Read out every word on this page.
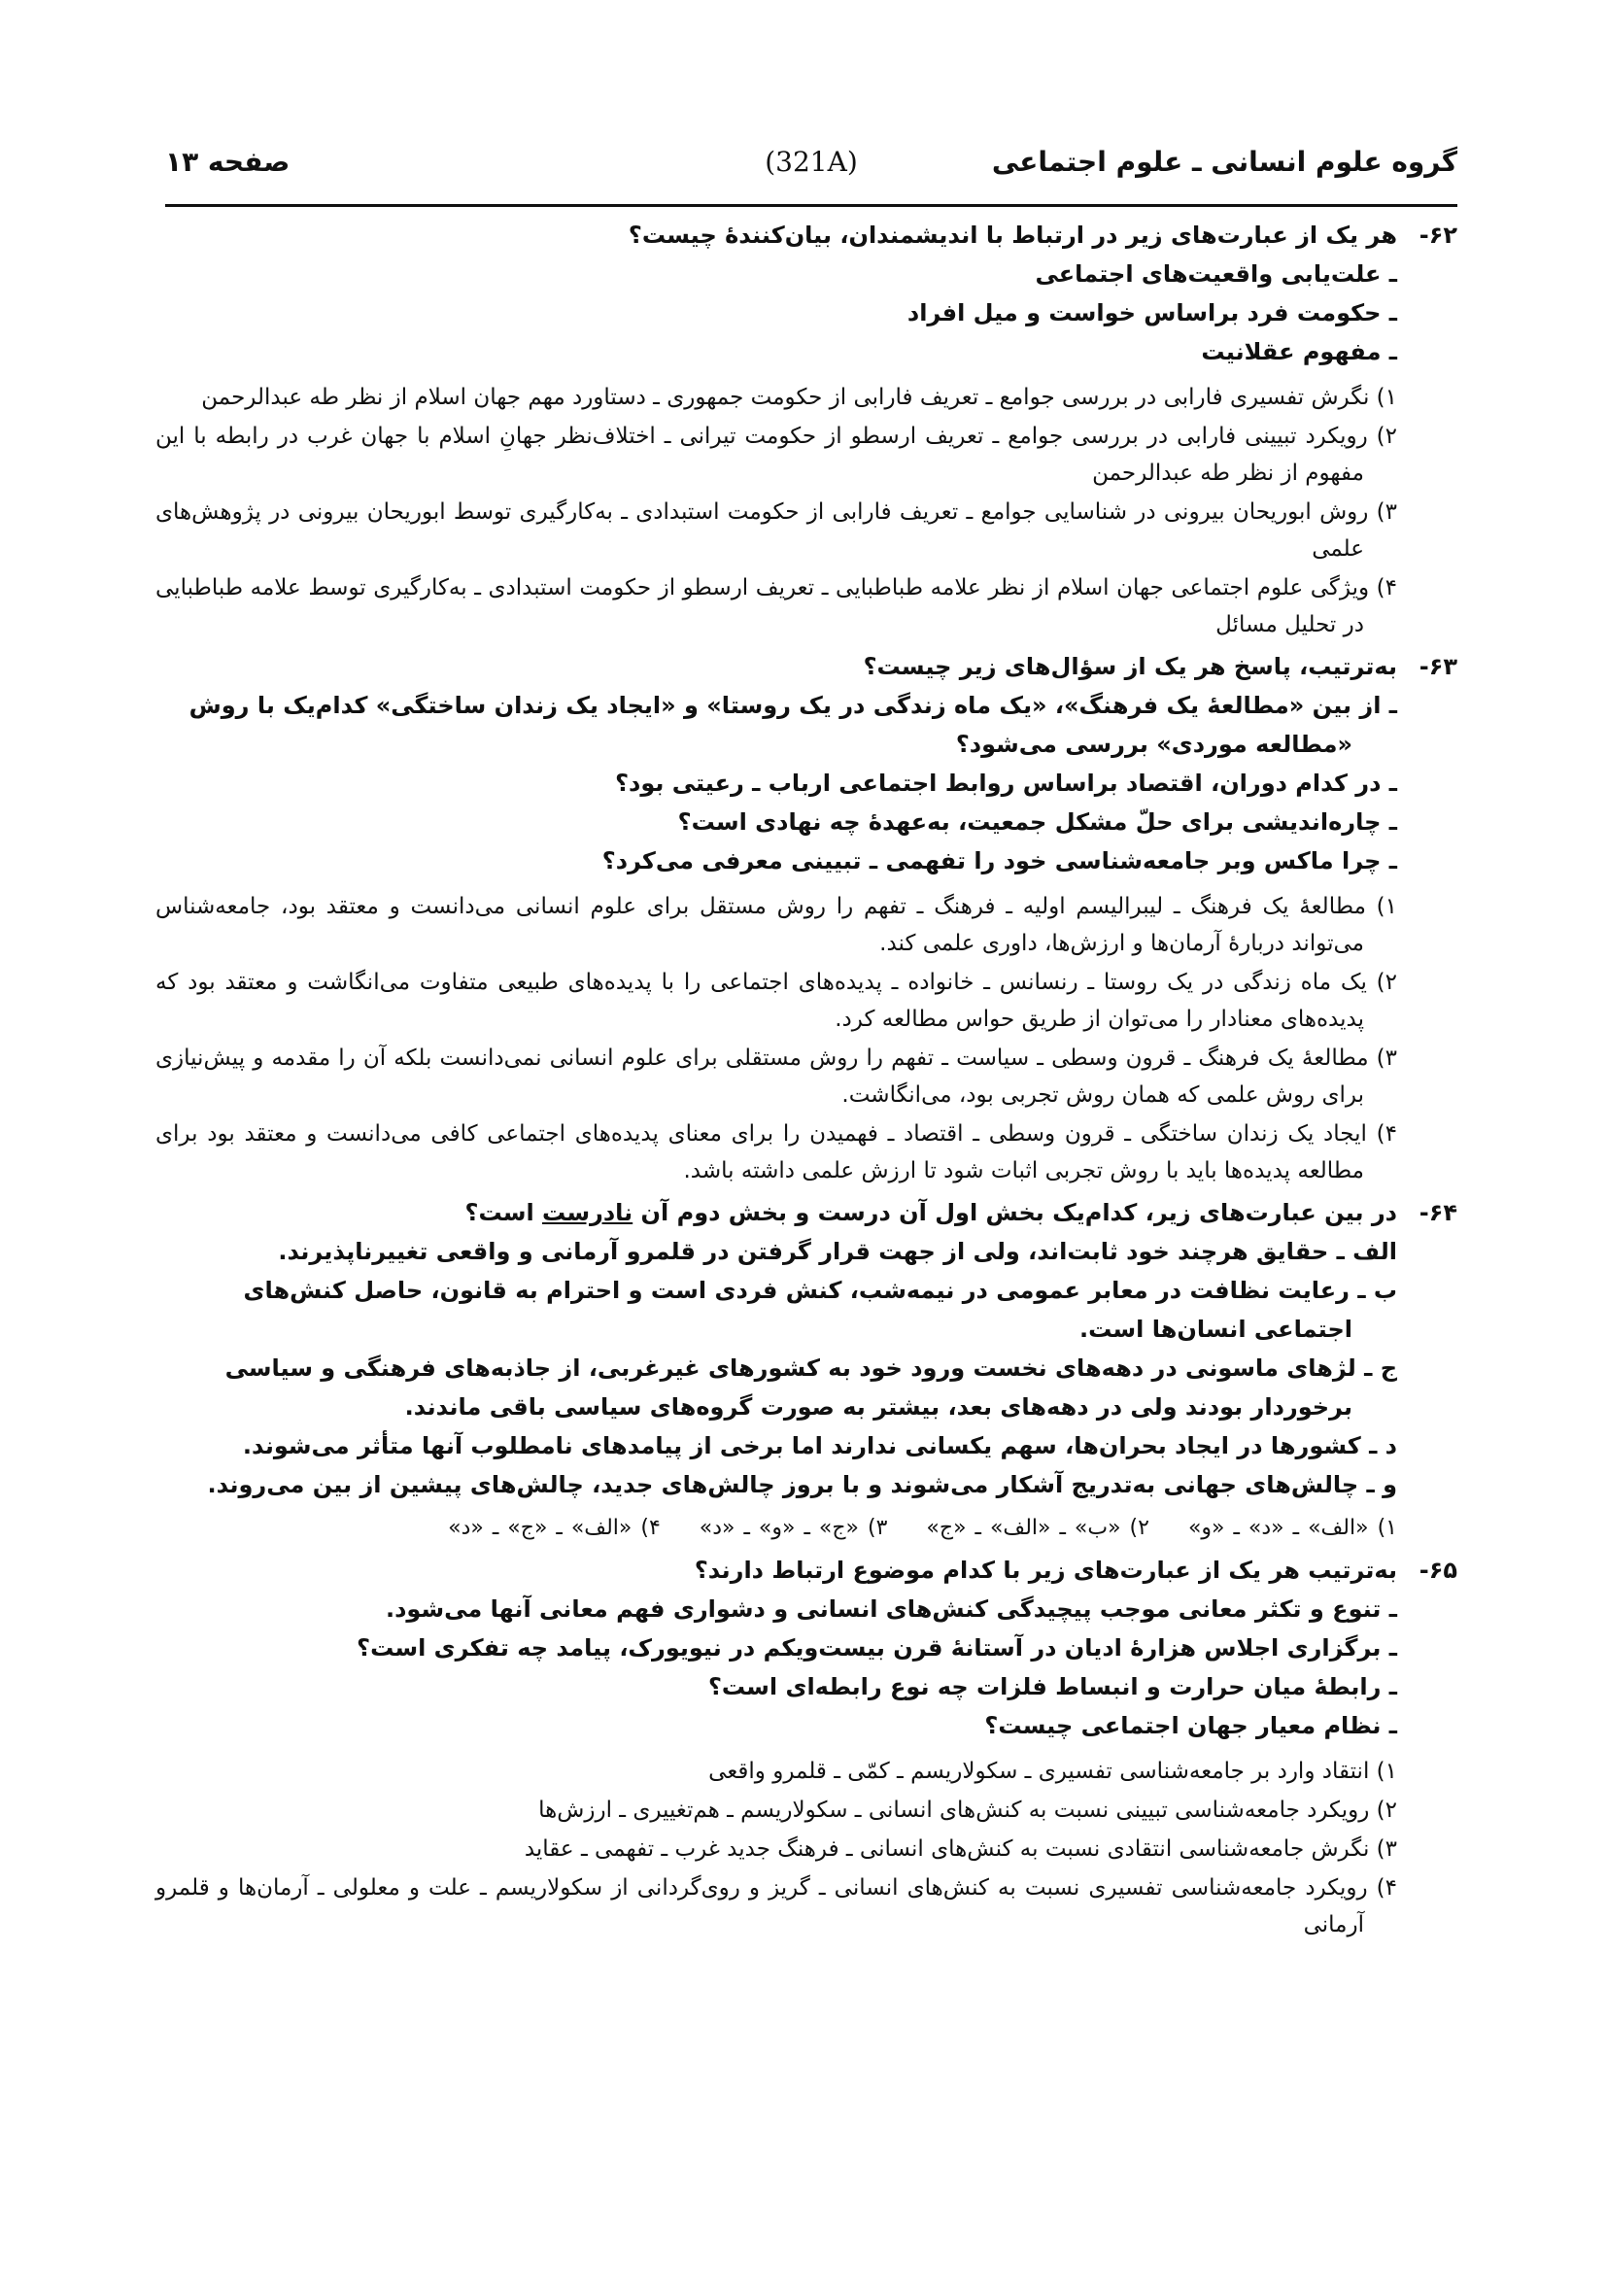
گروه علوم انسانی ـ علوم اجتماعی
(321A)
صفحه ۱۳
۶۲-
هر یک از عبارت‌های زیر در ارتباط با اندیشمندان، بیان‌کنندهٔ چیست؟
ـ علت‌یابی واقعیت‌های اجتماعی
ـ حکومت فرد براساس خواست و میل افراد
ـ مفهوم عقلانیت
۱) نگرش تفسیری فارابی در بررسی جوامع ـ تعریف فارابی از حکومت جمهوری ـ دستاورد مهم جهان اسلام از نظر طه عبدالرحمن
۲) رویکرد تبیینی فارابی در بررسی جوامع ـ تعریف ارسطو از حکومت تیرانی ـ اختلاف‌نظر جهانِ اسلام با جهان غرب در رابطه با این مفهوم از نظر طه عبدالرحمن
۳) روش ابوریحان بیرونی در شناسایی جوامع ـ تعریف فارابی از حکومت استبدادی ـ به‌کارگیری توسط ابوریحان بیرونی در پژوهش‌های علمی
۴) ویژگی علوم اجتماعی جهان اسلام از نظر علامه طباطبایی ـ تعریف ارسطو از حکومت استبدادی ـ به‌کارگیری توسط علامه طباطبایی در تحلیل مسائل
۶۳-
به‌ترتیب، پاسخ هر یک از سؤال‌های زیر چیست؟
ـ از بین «مطالعهٔ یک فرهنگ»، «یک ماه زندگی در یک روستا» و «ایجاد یک زندان ساختگی» کدام‌یک با روش «مطالعه موردی» بررسی می‌شود؟
ـ در کدام دوران، اقتصاد براساس روابط اجتماعی ارباب ـ رعیتی بود؟
ـ چاره‌اندیشی برای حلّ مشکل جمعیت، به‌عهدهٔ چه نهادی است؟
ـ چرا ماکس وبر جامعه‌شناسی خود را تفهمی ـ تبیینی معرفی می‌کرد؟
۱) مطالعهٔ یک فرهنگ ـ لیبرالیسم اولیه ـ فرهنگ ـ تفهم را روش مستقل برای علوم انسانی می‌دانست و معتقد بود، جامعه‌شناس می‌تواند دربارهٔ آرمان‌ها و ارزش‌ها، داوری علمی کند.
۲) یک ماه زندگی در یک روستا ـ رنسانس ـ خانواده ـ پدیده‌های اجتماعی را با پدیده‌های طبیعی متفاوت می‌انگاشت و معتقد بود که پدیده‌های معنادار را می‌توان از طریق حواس مطالعه کرد.
۳) مطالعهٔ یک فرهنگ ـ قرون وسطی ـ سیاست ـ تفهم را روش مستقلی برای علوم انسانی نمی‌دانست بلکه آن را مقدمه و پیش‌نیازی برای روش علمی که همان روش تجربی بود، می‌انگاشت.
۴) ایجاد یک زندان ساختگی ـ قرون وسطی ـ اقتصاد ـ فهمیدن را برای معنای پدیده‌های اجتماعی کافی می‌دانست و معتقد بود برای مطالعه پدیده‌ها باید با روش تجربی اثبات شود تا ارزش علمی داشته باشد.
۶۴-
در بین عبارت‌های زیر، کدام‌یک بخش اول آن درست و بخش دوم آن نادرست است؟
الف ـ حقایق هرچند خود ثابت‌اند، ولی از جهت قرار گرفتن در قلمرو آرمانی و واقعی تغییرناپذیرند.
ب ـ رعایت نظافت در معابر عمومی در نیمه‌شب، کنش فردی است و احترام به قانون، حاصل کنش‌های اجتماعی انسان‌ها است.
ج ـ لژهای ماسونی در دهه‌های نخست ورود خود به کشورهای غیرغربی، از جاذبه‌های فرهنگی و سیاسی برخوردار بودند ولی در دهه‌های بعد، بیشتر به صورت گروه‌های سیاسی باقی ماندند.
د ـ کشورها در ایجاد بحران‌ها، سهم یکسانی ندارند اما برخی از پیامدهای نامطلوب آنها متأثر می‌شوند.
و ـ چالش‌های جهانی به‌تدریج آشکار می‌شوند و با بروز چالش‌های جدید، چالش‌های پیشین از بین می‌روند.
۱) «الف» ـ «د» ـ «و»۲) «ب» ـ «الف» ـ «ج»۳) «ج» ـ «و» ـ «د»۴) «الف» ـ «ج» ـ «د»
۶۵-
به‌ترتیب هر یک از عبارت‌های زیر با کدام موضوع ارتباط دارند؟
ـ تنوع و تکثر معانی موجب پیچیدگی کنش‌های انسانی و دشواری فهم معانی آنها می‌شود.
ـ برگزاری اجلاس هزارهٔ ادیان در آستانهٔ قرن بیست‌ویکم در نیویورک، پیامد چه تفکری است؟
ـ رابطهٔ میان حرارت و انبساط فلزات چه نوع رابطه‌ای است؟
ـ نظام معیار جهان اجتماعی چیست؟
۱) انتقاد وارد بر جامعه‌شناسی تفسیری ـ سکولاریسم ـ کمّی ـ قلمرو واقعی
۲) رویکرد جامعه‌شناسی تبیینی نسبت به کنش‌های انسانی ـ سکولاریسم ـ هم‌تغییری ـ ارزش‌ها
۳) نگرش جامعه‌شناسی انتقادی نسبت به کنش‌های انسانی ـ فرهنگ جدید غرب ـ تفهمی ـ عقاید
۴) رویکرد جامعه‌شناسی تفسیری نسبت به کنش‌های انسانی ـ گریز و روی‌گردانی از سکولاریسم ـ علت و معلولی ـ آرمان‌ها و قلمرو آرمانی
